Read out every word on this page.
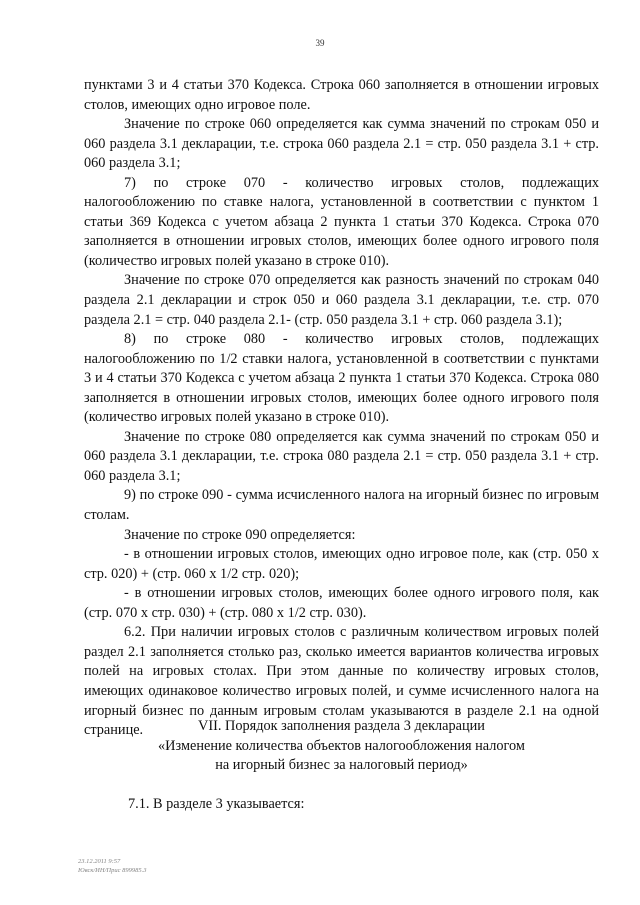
39

пунктами 3 и 4 статьи 370 Кодекса. Строка 060 заполняется в отношении игровых столов, имеющих одно игровое поле.

Значение по строке 060 определяется как сумма значений по строкам 050 и 060 раздела 3.1 декларации, т.е. строка 060 раздела 2.1 = стр. 050 раздела 3.1 + стр. 060 раздела 3.1;

7) по строке 070 - количество игровых столов, подлежащих налогообложению по ставке налога, установленной в соответствии с пунктом 1 статьи 369 Кодекса с учетом абзаца 2 пункта 1 статьи 370 Кодекса. Строка 070 заполняется в отношении игровых столов, имеющих более одного игрового поля (количество игровых полей указано в строке 010).

Значение по строке 070 определяется как разность значений по строкам 040 раздела 2.1 декларации и строк 050 и 060 раздела 3.1 декларации, т.е. стр. 070 раздела 2.1 = стр. 040 раздела 2.1- (стр. 050 раздела 3.1 + стр. 060 раздела 3.1);

8) по строке 080 - количество игровых столов, подлежащих налогообложению по 1/2 ставки налога, установленной в соответствии с пунктами 3 и 4 статьи 370 Кодекса с учетом абзаца 2 пункта 1 статьи 370 Кодекса. Строка 080 заполняется в отношении игровых столов, имеющих более одного игрового поля (количество игровых полей указано в строке 010).

Значение по строке 080 определяется как сумма значений по строкам 050 и 060 раздела 3.1 декларации, т.е. строка 080 раздела 2.1 = стр. 050 раздела 3.1 + стр. 060 раздела 3.1;

9) по строке 090 - сумма исчисленного налога на игорный бизнес по игровым столам.

Значение по строке 090 определяется:

- в отношении игровых столов, имеющих одно игровое поле, как (стр. 050 х стр. 020) + (стр. 060 х 1/2 стр. 020);

- в отношении игровых столов, имеющих более одного игрового поля, как (стр. 070 х стр. 030) + (стр. 080 х 1/2 стр. 030).

6.2. При наличии игровых столов с различным количеством игровых полей раздел 2.1 заполняется столько раз, сколько имеется вариантов количества игровых полей на игровых столах. При этом данные по количеству игровых столов, имеющих одинаковое количество игровых полей, и сумме исчисленного налога на игорный бизнес по данным игровым столам указываются в разделе 2.1 на одной странице.	VII. Порядок заполнения раздела 3 декларации
«Изменение количества объектов налогообложения налогом
на игорный бизнес за налоговый период»
7.1. В разделе 3 указывается:
23.12.2011 9:57
Ювск/ИН/Прис 899985.3
